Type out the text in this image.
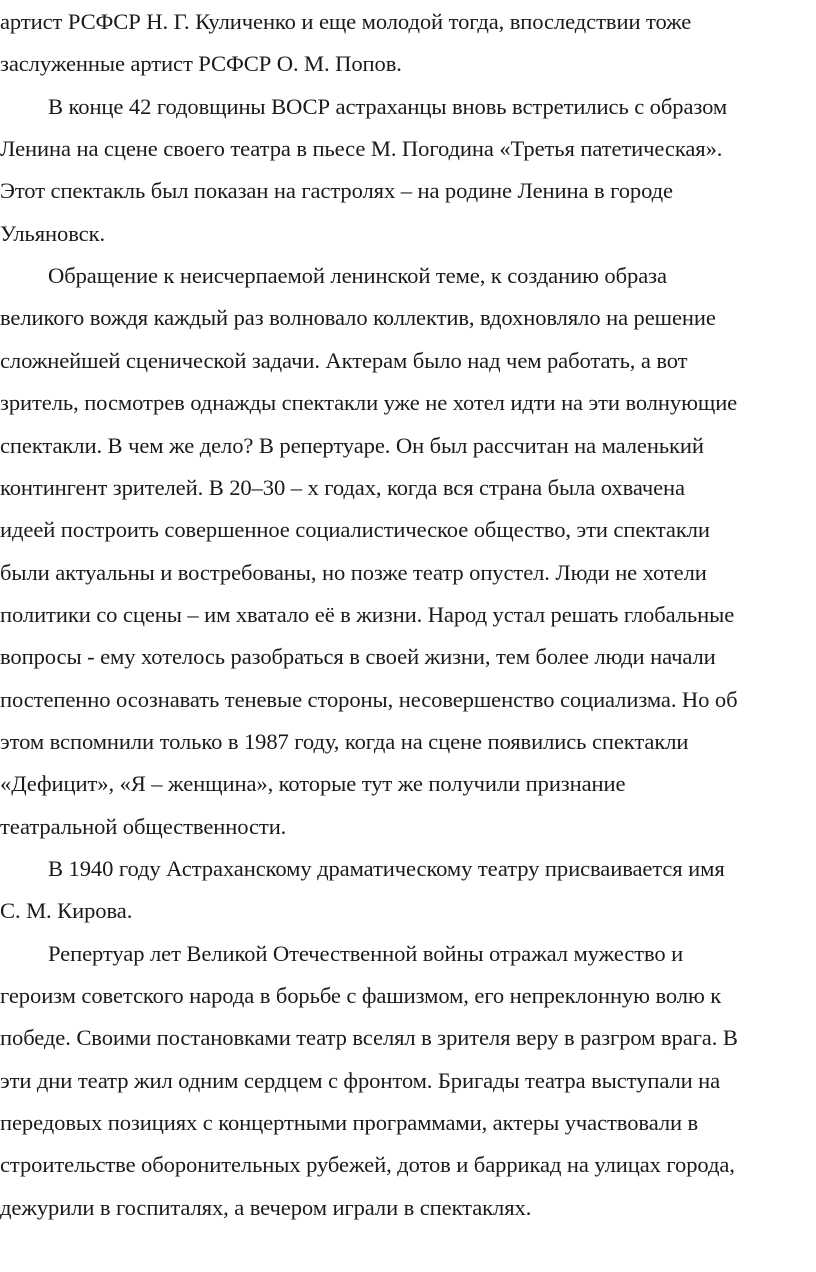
артист РСФСР Н. Г. Куличенко и еще молодой тогда, впоследствии тоже
заслуженные артист РСФСР О. М. Попов.
В конце 42 годовщины ВОСР астраханцы вновь встретились с образом
Ленина на сцене своего театра в пьесе М. Погодина «Третья патетическая».
Этот спектакль был показан на гастролях – на родине Ленина в городе
Ульяновск.
Обращение к неисчерпаемой ленинской теме, к созданию образа
великого вождя каждый раз волновало коллектив, вдохновляло на решение
сложнейшей сценической задачи. Актерам было над чем работать, а вот
зритель, посмотрев однажды спектакли уже не хотел идти на эти волнующие
спектакли. В чем же дело? В репертуаре. Он был рассчитан на маленький
контингент зрителей. В 20–30 – х годах, когда вся страна была охвачена
идеей построить совершенное социалистическое общество, эти спектакли
были актуальны и востребованы, но позже театр опустел. Люди не хотели
политики со сцены – им хватало её в жизни. Народ устал решать глобальные
вопросы - ему хотелось разобраться в своей жизни, тем более люди начали
постепенно осознавать теневые стороны, несовершенство социализма. Но об
этом вспомнили только в 1987 году, когда на сцене появились спектакли
«Дефицит», «Я – женщина», которые тут же получили признание
театральной общественности.
В 1940 году Астраханскому драматическому театру присваивается имя
С. М. Кирова.
Репертуар лет Великой Отечественной войны отражал мужество и
героизм советского народа в борьбе с фашизмом, его непреклонную волю к
победе. Своими постановками театр вселял в зрителя веру в разгром врага. В
эти дни театр жил одним сердцем с фронтом. Бригады театра выступали на
передовых позициях с концертными программами, актеры участвовали в
строительстве оборонительных рубежей, дотов и баррикад на улицах города,
дежурили в госпиталях, а вечером играли в спектаклях.
